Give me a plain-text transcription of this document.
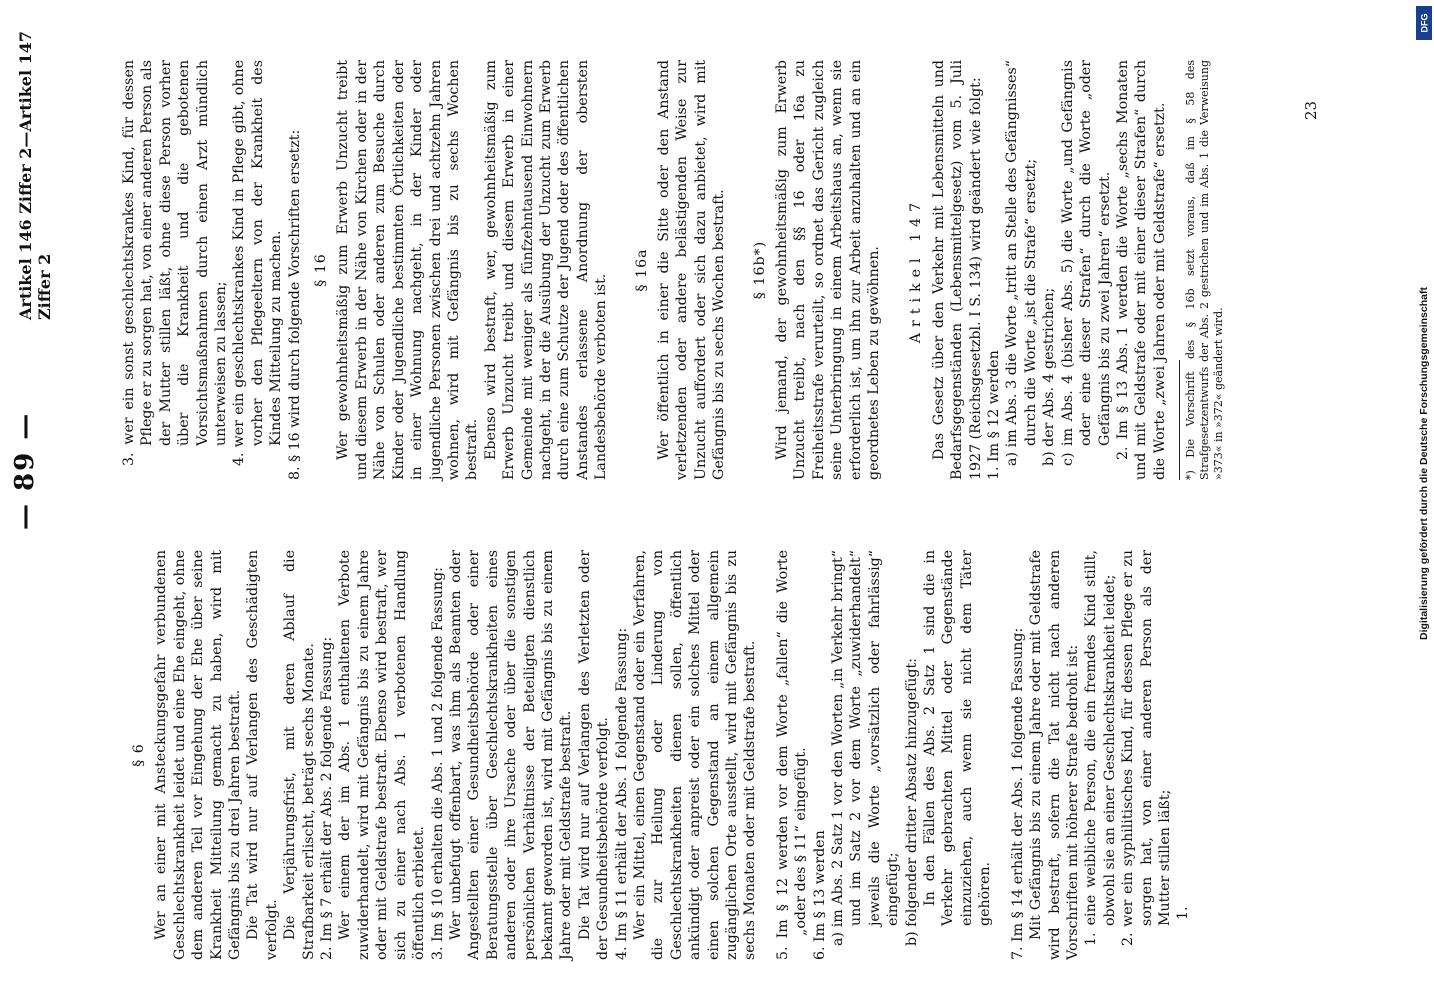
— 89 —
Artikel 146 Ziffer 2—Artikel 147 Ziffer 2

§ 6 Wer an einer mit Ansteckungsgefahr verbundenen Geschlechtskrankheit leidet und eine Ehe eingeht, ohne dem anderen Teil vor Eingehung der Ehe über seine Krankheit Mitteilung gemacht zu haben, wird mit Gefängnis bis zu drei Jahren bestraft. Die Tat wird nur auf Verlangen des Geschädigten verfolgt. Die Verjährungsfrist, mit deren Ablauf die Strafbarkeit erlischt, beträgt sechs Monate. 2. Im § 7 erhält der Abs. 2 folgende Fassung: Wer einem der im Abs. 1 enthaltenen Verbote zuwiderhandelt, wird mit Gefängnis bis zu einem Jahre oder mit Geldstrafe bestraft. Ebenso wird bestraft, wer sich zu einer nach Abs. 1 verbotenen Handlung öffentlich erbietet. 3. Im § 10 erhalten die Abs. 1 und 2 folgende Fassung: Wer unbefugt offenbart, was ihm als Beamten oder Angestellten einer Gesundheitsbehörde oder einer Beratungsstelle über Geschlechtskrankheiten eines anderen oder ihre Ursache oder über die sonstigen persönlichen Verhältnisse der Beteiligten dienstlich bekannt geworden ist, wird mit Gefängnis bis zu einem Jahre oder mit Geldstrafe bestraft. Die Tat wird nur auf Verlangen des Verletzten oder der Gesundheitsbehörde verfolgt. 4. Im § 11 erhält der Abs. 1 folgende Fassung: Wer ein Mittel, einen Gegenstand oder ein Verfahren, die zur Heilung oder Linderung von Geschlechtskrankheiten dienen sollen, öffentlich ankündigt oder anpreist oder ein solches Mittel oder einen solchen Gegenstand an einem allgemein zugänglichen Orte ausstellt, wird mit Gefängnis bis zu sechs Monaten oder mit Geldstrafe bestraft. 5. Im § 12 werden vor dem Worte „fallen“ die Worte „oder des § 11“ eingefügt. 6. Im § 13 werden a) im Abs. 2 Satz 1 vor den Worten „in Verkehr bringt“ und im Satz 2 vor dem Worte „zuwiderhandelt“ jeweils die Worte „vorsätzlich oder fahrlässig“ eingefügt; b) folgender dritter Absatz hinzugefügt: In den Fällen des Abs. 2 Satz 1 sind die in Verkehr gebrachten Mittel oder Gegenstände einzuziehen, auch wenn sie nicht dem Täter gehören. 7. Im § 14 erhält der Abs. 1 folgende Fassung: Mit Gefängnis bis zu einem Jahre oder mit Geldstrafe wird bestraft, sofern die Tat nicht nach anderen Vorschriften mit höherer Strafe bedroht ist: 1. eine weibliche Person, die ein fremdes Kind stillt, obwohl sie an einer Geschlechtskrankheit leidet; 2. wer ein syphilitisches Kind, für dessen Pflege er zu sorgen hat, von einer anderen Person als der Mutter stillen läßt; 1.

3. wer ein sonst geschlechtskrankes Kind, für dessen Pflege er zu sorgen hat, von einer anderen Person als der Mutter stillen läßt, ohne diese Person vorher über die Krankheit und die gebotenen Vorsichtsmaßnahmen durch einen Arzt mündlich unterweisen zu lassen; 4. wer ein geschlechtskrankes Kind in Pflege gibt, ohne vorher den Pflegeeltern von der Krankheit des Kindes Mitteilung zu machen. 8. § 16 wird durch folgende Vorschriften ersetzt: § 16 Wer gewohnheitsmäßig zum Erwerb Unzucht treibt und diesem Erwerb in der Nähe von Kirchen oder in der Nähe von Schulen oder anderen zum Besuche durch Kinder oder Jugendliche bestimmten Örtlichkeiten oder in einer Wohnung nachgeht, in der Kinder oder jugendliche Personen zwischen drei und achtzehn Jahren wohnen, wird mit Gefängnis bis zu sechs Wochen bestraft. Ebenso wird bestraft, wer, gewohnheitsmäßig zum Erwerb Unzucht treibt und diesem Erwerb in einer Gemeinde mit weniger als fünfzehntausend Einwohnern nachgeht, in der die Ausübung der Unzucht zum Erwerb durch eine zum Schutze der Jugend oder des öffentlichen Anstandes erlassene Anordnung der obersten Landesbehörde verboten ist.

§ 16a Wer öffentlich in einer die Sitte oder den Anstand verletzenden oder andere belästigenden Weise zur Unzucht auffordert oder sich dazu anbietet, wird mit Gefängnis bis zu sechs Wochen bestraft. § 16b*) Wird jemand, der gewohnheitsmäßig zum Erwerb Unzucht treibt, nach den §§ 16 oder 16a zu Freiheitsstrafe verurteilt, so ordnet das Gericht zugleich seine Unterbringung in einem Arbeitshaus an, wenn sie erforderlich ist, um ihn zur Arbeit anzuhalten und an ein geordnetes Leben zu gewöhnen. Artikel 147 Das Gesetz über den Verkehr mit Lebensmitteln und Bedarfsgegenständen (Lebensmittelgesetz) vom 5. Juli 1927 (Reichsgesetzbl. I S. 134) wird geändert wie folgt: 1. Im § 12 werden a) im Abs. 3 die Worte „tritt an Stelle des Gefängnisses“ durch die Worte „ist die Strafe“ ersetzt; b) der Abs. 4 gestrichen; c) im Abs. 4 (bisher Abs. 5) die Worte „und Gefängnis oder eine dieser Strafen“ durch die Worte „oder Gefängnis bis zu zwei Jahren“ ersetzt. 2. Im § 13 Abs. 1 werden die Worte „sechs Monaten und mit Geldstrafe oder mit einer dieser Strafen“ durch die Worte „zwei Jahren oder mit Geldstrafe“ ersetzt. *) Die Vorschrift des § 16b setzt voraus, daß im § 58 des Strafgesetzentwurfs der Abs. 2 gestrichen und im Abs. 1 die Verweisung »373« in »372« geändert wird.

23
DFG
Digitalisierung gefördert durch die Deutsche Forschungsgemeinschaft
